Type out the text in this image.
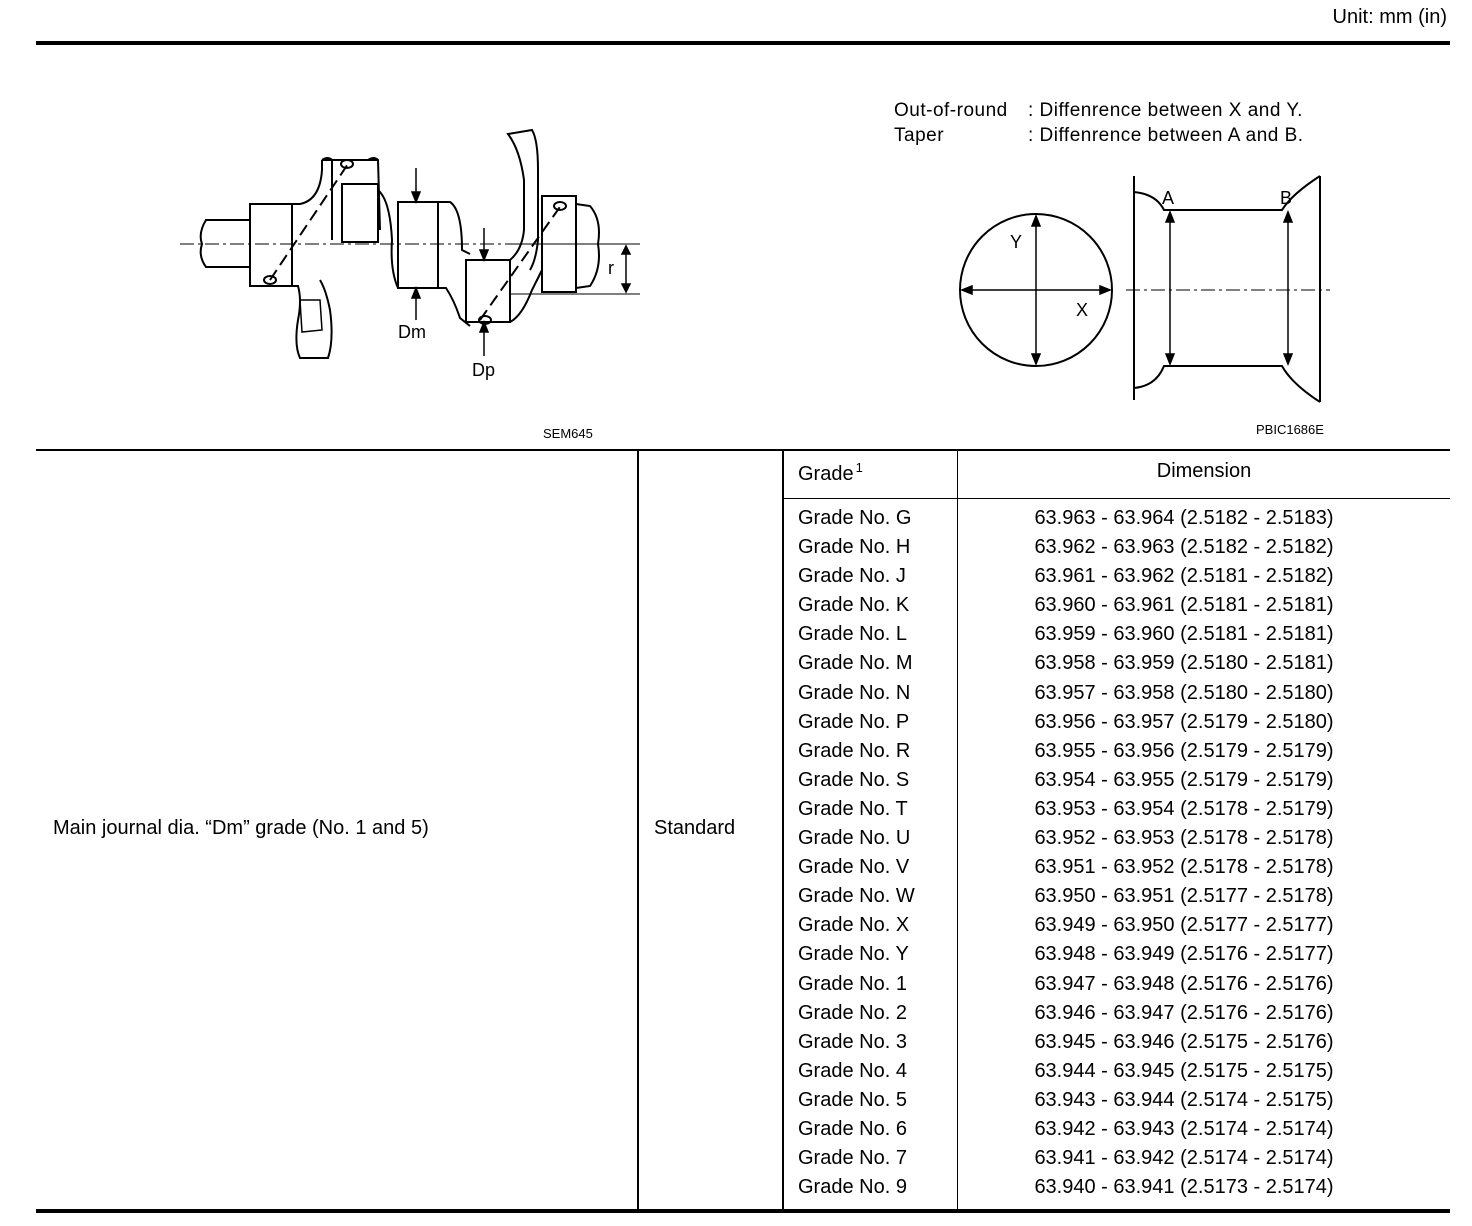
Unit: mm (in)
Dm
Dp
r
SEM645
Out-of-round	: Diffenrence between X and Y.
Taper	: Diffenrence between A and B.
X
Y
A	B
PBIC1686E
Main journal dia. “Dm” grade (No. 1 and 5)	Standard
Grade $^1$	Dimension
Grade No. G	63.963 - 63.964 (2.5182 - 2.5183)
Grade No. H	63.962 - 63.963 (2.5182 - 2.5182)
Grade No. J	63.961 - 63.962 (2.5181 - 2.5182)
Grade No. K	63.960 - 63.961 (2.5181 - 2.5181)
Grade No. L	63.959 - 63.960 (2.5181 - 2.5181)
Grade No. M	63.958 - 63.959 (2.5180 - 2.5181)
Grade No. N	63.957 - 63.958 (2.5180 - 2.5180)
Grade No. P	63.956 - 63.957 (2.5179 - 2.5180)
Grade No. R	63.955 - 63.956 (2.5179 - 2.5179)
Grade No. S	63.954 - 63.955 (2.5179 - 2.5179)
Grade No. T	63.953 - 63.954 (2.5178 - 2.5179)
Grade No. U	63.952 - 63.953 (2.5178 - 2.5178)
Grade No. V	63.951 - 63.952 (2.5178 - 2.5178)
Grade No. W	63.950 - 63.951 (2.5177 - 2.5178)
Grade No. X	63.949 - 63.950 (2.5177 - 2.5177)
Grade No. Y	63.948 - 63.949 (2.5176 - 2.5177)
Grade No. 1	63.947 - 63.948 (2.5176 - 2.5176)
Grade No. 2	63.946 - 63.947 (2.5176 - 2.5176)
Grade No. 3	63.945 - 63.946 (2.5175 - 2.5176)
Grade No. 4	63.944 - 63.945 (2.5175 - 2.5175)
Grade No. 5	63.943 - 63.944 (2.5174 - 2.5175)
Grade No. 6	63.942 - 63.943 (2.5174 - 2.5174)
Grade No. 7	63.941 - 63.942 (2.5174 - 2.5174)
Grade No. 9	63.940 - 63.941 (2.5173 - 2.5174)
